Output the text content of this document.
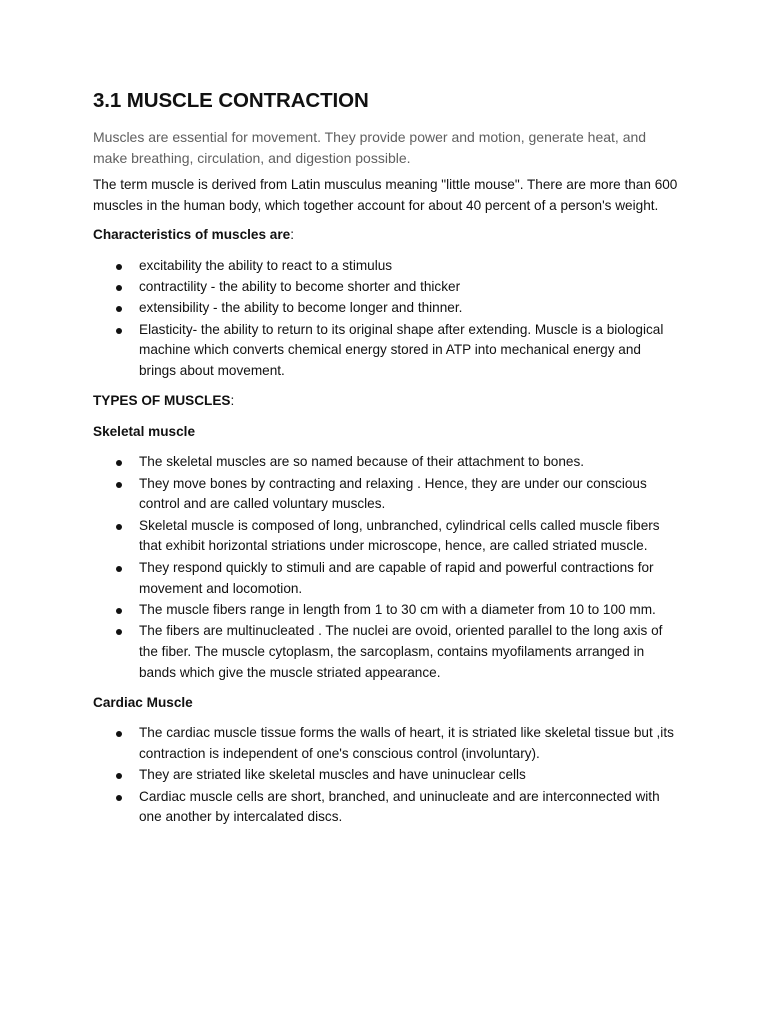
3.1 MUSCLE CONTRACTION

Muscles are essential for movement. They provide power and motion, generate heat, and make breathing, circulation, and digestion possible.

The term muscle is derived from Latin musculus meaning "little mouse". There are more than 600 muscles in the human body, which together account for about 40 percent of a person's weight.

Characteristics of muscles are:

excitability the ability to react to a stimulus
contractility - the ability to become shorter and thicker
extensibility - the ability to become longer and thinner.
Elasticity- the ability to return to its original shape after extending. Muscle is a biological machine which converts chemical energy stored in ATP into mechanical energy and brings about movement.

TYPES OF MUSCLES:

Skeletal muscle

The skeletal muscles are so named because of their attachment to bones.
They move bones by contracting and relaxing . Hence, they are under our conscious control and are called voluntary muscles.
Skeletal muscle is composed of long, unbranched, cylindrical cells called muscle fibers that exhibit horizontal striations under microscope, hence, are called striated muscle.
They respond quickly to stimuli and are capable of rapid and powerful contractions for movement and locomotion.
The muscle fibers range in length from 1 to 30 cm with a diameter from 10 to 100 mm.
The fibers are multinucleated . The nuclei are ovoid, oriented parallel to the long axis of the fiber. The muscle cytoplasm, the sarcoplasm, contains myofilaments arranged in bands which give the muscle striated appearance.

Cardiac Muscle

The cardiac muscle tissue forms the walls of heart, it is striated like skeletal tissue but ,its contraction is independent of one's conscious control (involuntary).
They are striated like skeletal muscles and have uninuclear cells
Cardiac muscle cells are short, branched, and uninucleate and are interconnected with one another by intercalated discs.
